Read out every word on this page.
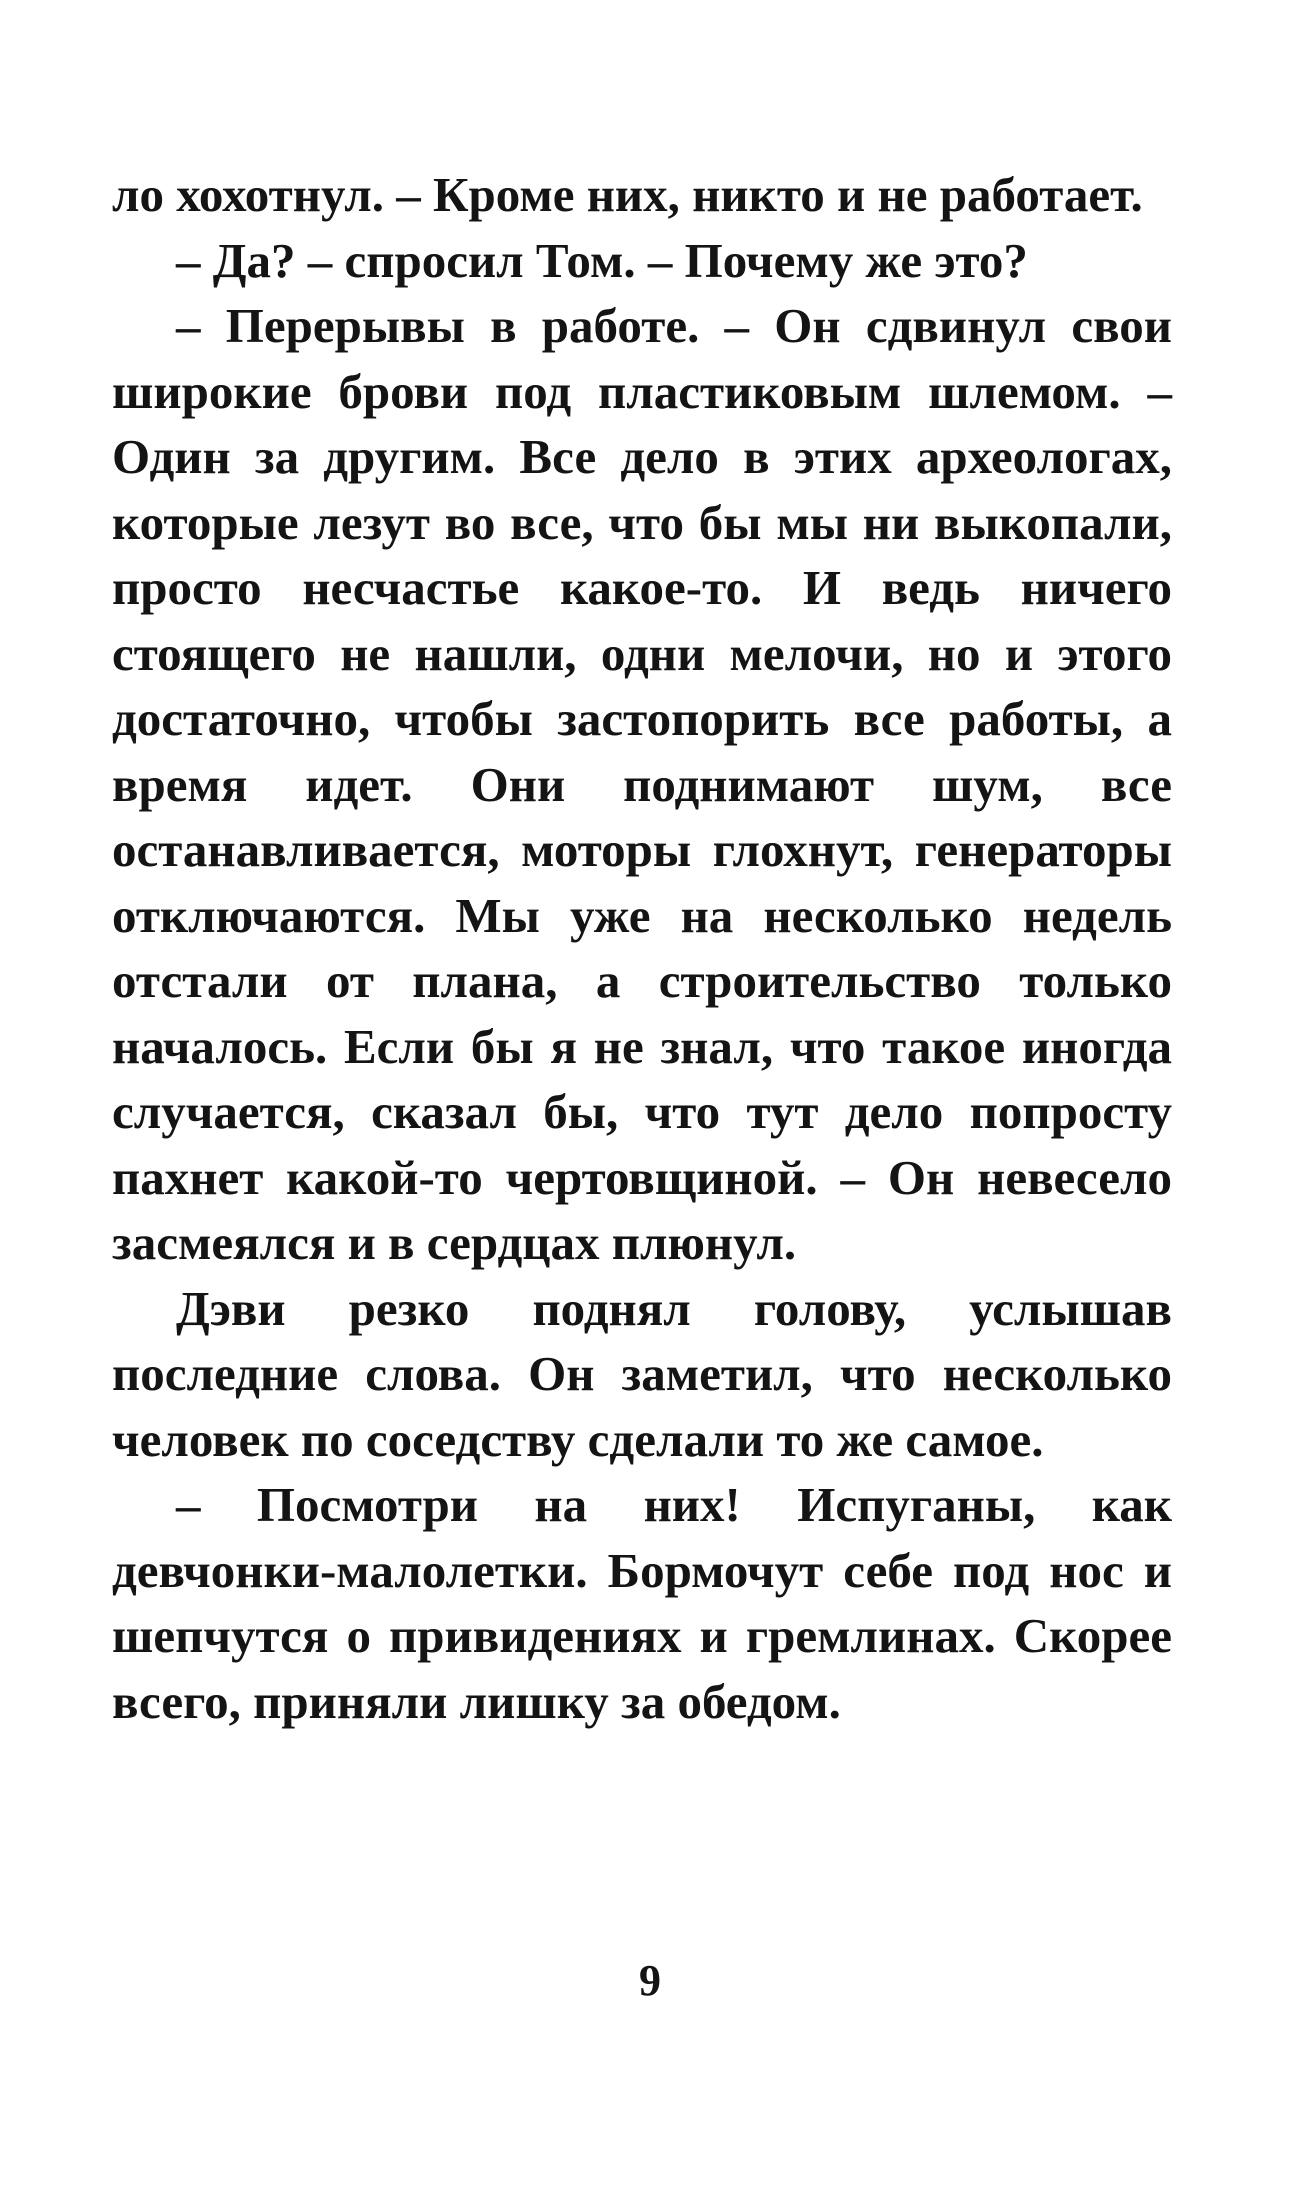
ло хохотнул. – Кроме них, никто и не работает.

– Да? – спросил Том. – Почему же это?

– Перерывы в работе. – Он сдвинул свои широкие брови под пластиковым шлемом. – Один за другим. Все дело в этих археологах, которые лезут во все, что бы мы ни выкопали, просто несчастье какое-то. И ведь ничего стоящего не нашли, одни мелочи, но и этого достаточно, чтобы застопорить все работы, а время идет. Они поднимают шум, все останавливается, моторы глохнут, генераторы отключаются. Мы уже на несколько недель отстали от плана, а строительство только началось. Если бы я не знал, что такое иногда случается, сказал бы, что тут дело попросту пахнет какой-то чертовщиной. – Он невесело засмеялся и в сердцах плюнул.

Дэви резко поднял голову, услышав последние слова. Он заметил, что несколько человек по соседству сделали то же самое.

– Посмотри на них! Испуганы, как девчонки-малолетки. Бормочут себе под нос и шепчутся о привидениях и гремлинах. Скорее всего, приняли лишку за обедом.

9
